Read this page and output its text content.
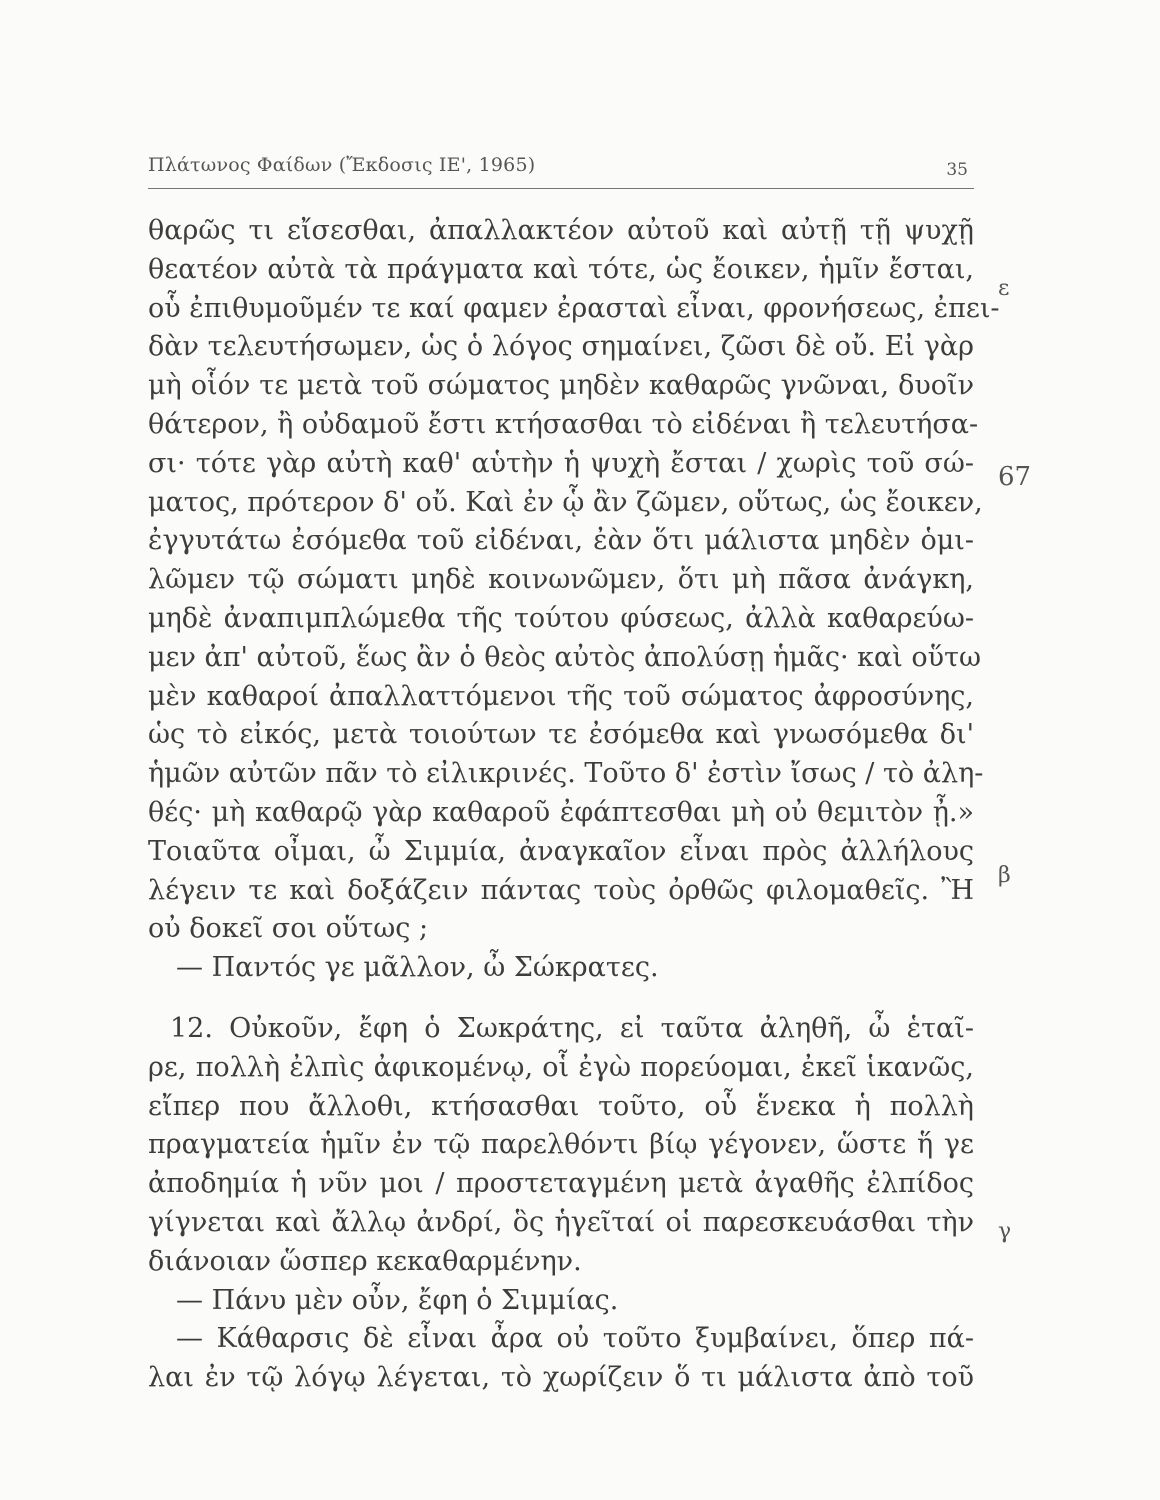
Πλάτωνος Φαίδων (Ἔκδοσις ΙΕ', 1965)	35
ε
67
β
γ
θαρῶς τι εἴσεσθαι, ἀπαλλακτέον αὐτοῦ καὶ αὐτῇ τῇ ψυχῇ
θεατέον αὐτὰ τὰ πράγματα καὶ τότε, ὡς ἔοικεν, ἡμῖν ἔσται,
οὗ ἐπιθυμοῦμέν τε καί φαμεν ἐρασταὶ εἶναι, φρονήσεως, ἐπει-
δὰν τελευτήσωμεν, ὡς ὁ λόγος σημαίνει, ζῶσι δὲ οὔ. Εἰ γὰρ
μὴ οἷόν τε μετὰ τοῦ σώματος μηδὲν καθαρῶς γνῶναι, δυοῖν
θάτερον, ἢ οὐδαμοῦ ἔστι κτήσασθαι τὸ εἰδέναι ἢ τελευτήσα-
σι· τότε γὰρ αὐτὴ καθ' αὑτὴν ἡ ψυχὴ ἔσται / χωρὶς τοῦ σώ-
ματος, πρότερον δ' οὔ. Καὶ ἐν ᾧ ἂν ζῶμεν, οὕτως, ὡς ἔοικεν,
ἐγγυτάτω ἐσόμεθα τοῦ εἰδέναι, ἐὰν ὅτι μάλιστα μηδὲν ὁμι-
λῶμεν τῷ σώματι μηδὲ κοινωνῶμεν, ὅτι μὴ πᾶσα ἀνάγκη,
μηδὲ ἀναπιμπλώμεθα τῆς τούτου φύσεως, ἀλλὰ καθαρεύω-
μεν ἀπ' αὐτοῦ, ἕως ἂν ὁ θεὸς αὐτὸς ἀπολύσῃ ἡμᾶς· καὶ οὕτω
μὲν καθαροί ἀπαλλαττόμενοι τῆς τοῦ σώματος ἀφροσύνης,
ὡς τὸ εἰκός, μετὰ τοιούτων τε ἐσόμεθα καὶ γνωσόμεθα δι'
ἡμῶν αὐτῶν πᾶν τὸ εἰλικρινές. Τοῦτο δ' ἐστὶν ἴσως / τὸ ἀλη-
θές· μὴ καθαρῷ γὰρ καθαροῦ ἐφάπτεσθαι μὴ οὐ θεμιτὸν ᾖ.»
Τοιαῦτα οἶμαι, ὦ Σιμμία, ἀναγκαῖον εἶναι πρὸς ἀλλήλους
λέγειν τε καὶ δοξάζειν πάντας τοὺς ὀρθῶς φιλομαθεῖς. Ἢ
οὐ δοκεῖ σοι οὕτως ;
— Παντός γε μᾶλλον, ὦ Σώκρατες.
12. Οὐκοῦν, ἔφη ὁ Σωκράτης, εἰ ταῦτα ἀληθῆ, ὦ ἑταῖ-
ρε, πολλὴ ἐλπὶς ἀφικομένῳ, οἷ ἐγὼ πορεύομαι, ἐκεῖ ἱκανῶς,
εἴπερ που ἄλλοθι, κτήσασθαι τοῦτο, οὗ ἕνεκα ἡ πολλὴ
πραγματεία ἡμῖν ἐν τῷ παρελθόντι βίῳ γέγονεν, ὥστε ἥ γε
ἀποδημία ἡ νῦν μοι / προστεταγμένη μετὰ ἀγαθῆς ἐλπίδος
γίγνεται καὶ ἄλλῳ ἀνδρί, ὃς ἡγεῖταί οἱ παρεσκευάσθαι τὴν
διάνοιαν ὥσπερ κεκαθαρμένην.
— Πάνυ μὲν οὖν, ἔφη ὁ Σιμμίας.
— Κάθαρσις δὲ εἶναι ἆρα οὐ τοῦτο ξυμβαίνει, ὅπερ πά-
λαι ἐν τῷ λόγῳ λέγεται, τὸ χωρίζειν ὅ τι μάλιστα ἀπὸ τοῦ
